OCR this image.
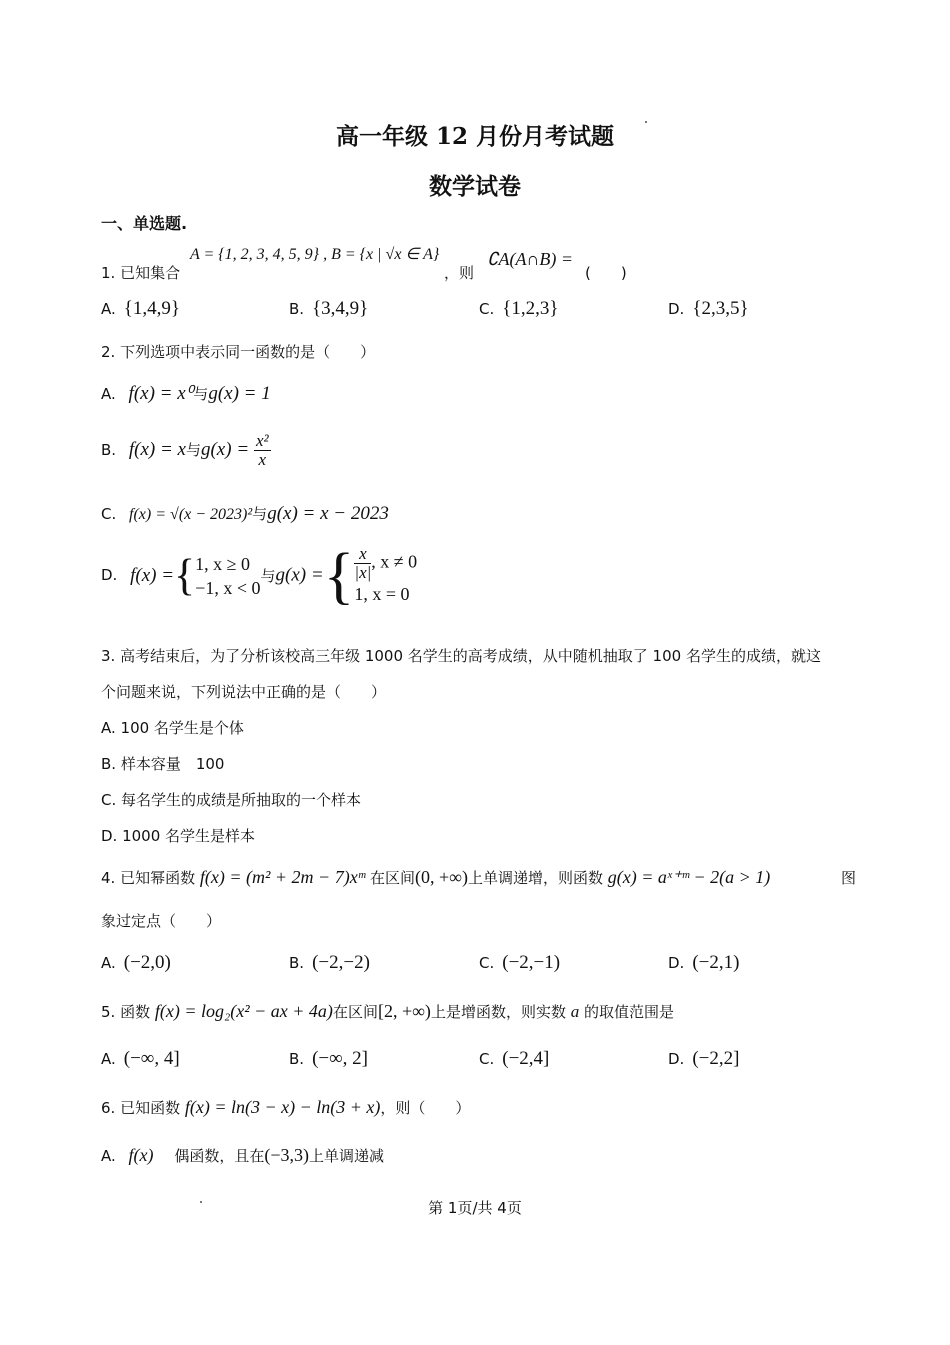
高一年级 12 月份月考试题
数学试卷
一、单选题.
1. 已知集合
A = {1, 2, 3, 4, 5, 9} , B = {x | √x ∈ A}
，则
∁A(A∩B) =
(　　)
A. {1,4,9}	B. {3,4,9}	C. {1,2,3}	D. {2,3,5}
2. 下列选项中表示同一函数的是（　　）
A. f(x) = x⁰与g(x) = 1
B. f(x) = x与$g(x) = \frac{\text{x²}}{x}$
C. f(x) = √(x − 2023)²与g(x) = x − 2023
D. f(x) ={ 1, x ≥ 0
−1, x < 0
与g(x) ={ $\frac{x}{|x|}$ , x ≠ 0
1, x = 0
3. 高考结束后，为了分析该校高三年级 1000 名学生的高考成绩，从中随机抽取了 100 名学生的成绩，就这
个问题来说，下列说法中正确的是（　　）
A. 100 名学生是个体
B. 样本容量　100
C. 每名学生的成绩是所抽取的一个样本
D. 1000 名学生是样本
4. 已知幂函数 f(x) = (m² + 2m − 7)xᵐ 在区间(0, +∞)上单调递增，则函数 g(x) = aˣ⁺ᵐ − 2(a > 1)	图
象过定点（　　）
A. (−2,0)	B. (−2,−2)	C. (−2,−1)	D. (−2,1)
5. 函数 f(x) = log₂(x² − ax + 4a)在区间[2, +∞)上是增函数，则实数 a 的取值范围是
A. (−∞, 4]	B. (−∞, 2]	C. (−2,4]	D. (−2,2]
6. 已知函数 f(x) = ln(3 − x) − ln(3 + x)，则（　　）
A. f(x) 偶函数，且在(−3,3)上单调递减
第 1页/共 4页
